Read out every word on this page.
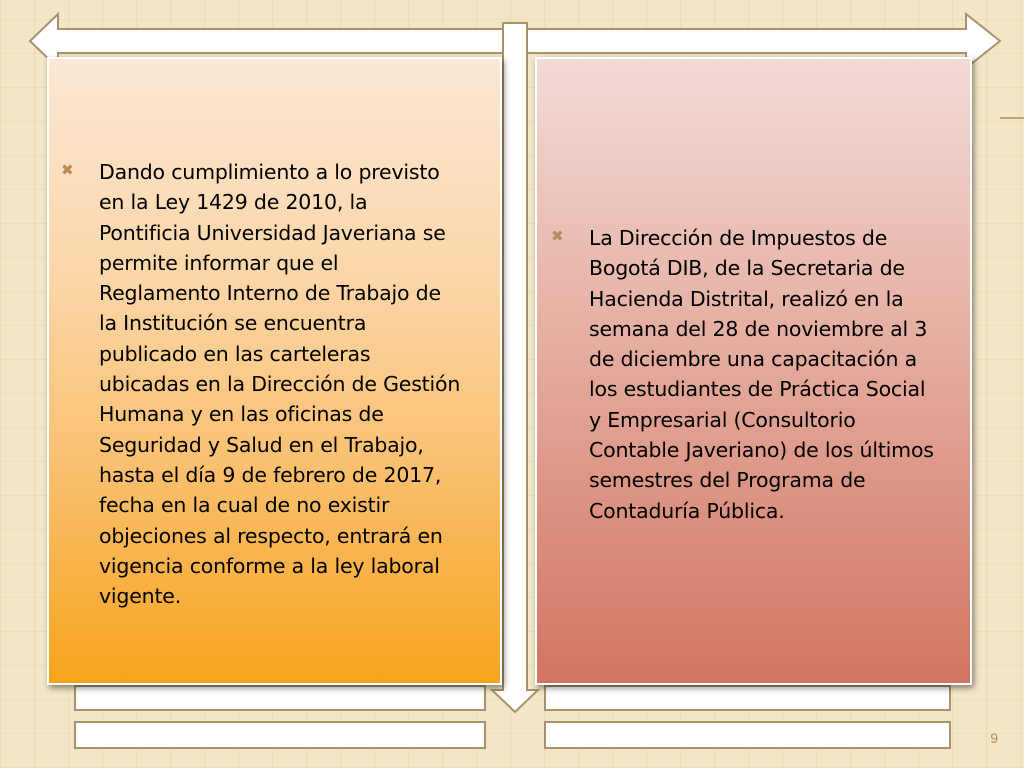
✖ Dando cumplimiento a lo previsto en la Ley 1429 de 2010, la Pontificia Universidad Javeriana se permite informar que el Reglamento Interno de Trabajo de la Institución se encuentra publicado en las carteleras ubicadas en la Dirección de Gestión Humana y en las oficinas de Seguridad y Salud en el Trabajo, hasta el día 9 de febrero de 2017, fecha en la cual de no existir objeciones al respecto, entrará en vigencia conforme a la ley laboral vigente.
✖ La Dirección de Impuestos de Bogotá DIB, de la Secretaria de Hacienda Distrital, realizó en la semana del 28 de noviembre al 3 de diciembre una capacitación a los estudiantes de Práctica Social y Empresarial (Consultorio Contable Javeriano) de los últimos semestres del Programa de Contaduría Pública.
9
